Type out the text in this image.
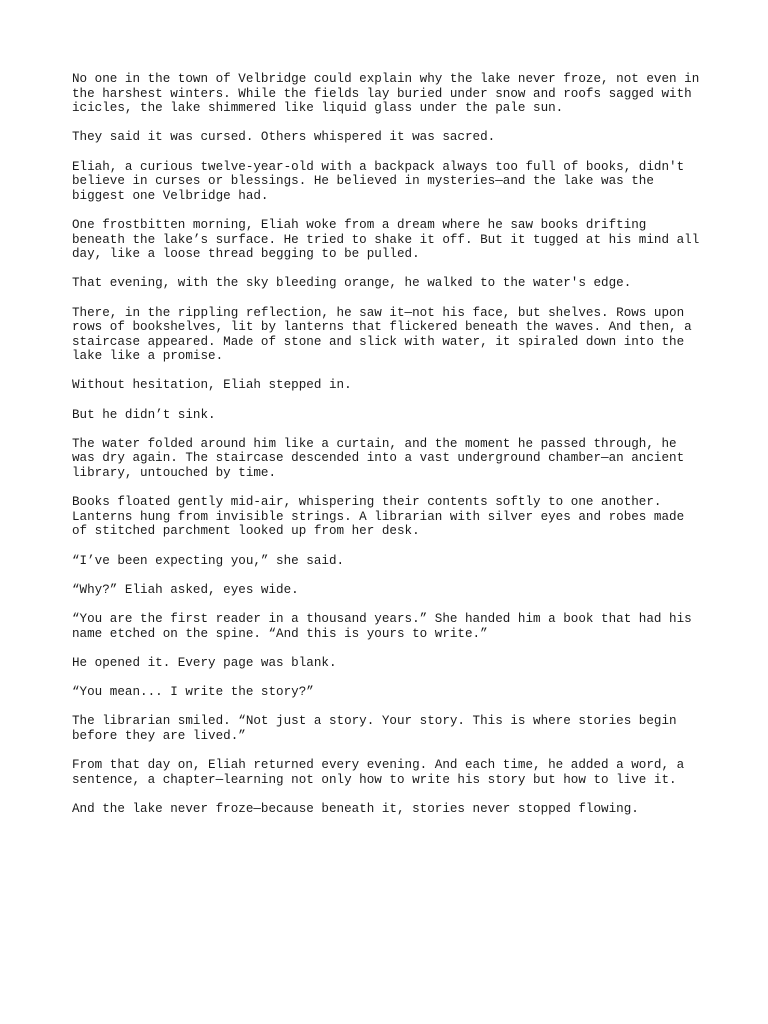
No one in the town of Velbridge could explain why the lake never froze, not even in
the harshest winters. While the fields lay buried under snow and roofs sagged with
icicles, the lake shimmered like liquid glass under the pale sun.

They said it was cursed. Others whispered it was sacred.

Eliah, a curious twelve-year-old with a backpack always too full of books, didn't
believe in curses or blessings. He believed in mysteries—and the lake was the
biggest one Velbridge had.

One frostbitten morning, Eliah woke from a dream where he saw books drifting
beneath the lake’s surface. He tried to shake it off. But it tugged at his mind all
day, like a loose thread begging to be pulled.

That evening, with the sky bleeding orange, he walked to the water's edge.

There, in the rippling reflection, he saw it—not his face, but shelves. Rows upon
rows of bookshelves, lit by lanterns that flickered beneath the waves. And then, a
staircase appeared. Made of stone and slick with water, it spiraled down into the
lake like a promise.

Without hesitation, Eliah stepped in.

But he didn’t sink.

The water folded around him like a curtain, and the moment he passed through, he
was dry again. The staircase descended into a vast underground chamber—an ancient
library, untouched by time.

Books floated gently mid-air, whispering their contents softly to one another.
Lanterns hung from invisible strings. A librarian with silver eyes and robes made
of stitched parchment looked up from her desk.

“I’ve been expecting you,” she said.

“Why?” Eliah asked, eyes wide.

“You are the first reader in a thousand years.” She handed him a book that had his
name etched on the spine. “And this is yours to write.”

He opened it. Every page was blank.

“You mean... I write the story?”

The librarian smiled. “Not just a story. Your story. This is where stories begin
before they are lived.”

From that day on, Eliah returned every evening. And each time, he added a word, a
sentence, a chapter—learning not only how to write his story but how to live it.

And the lake never froze—because beneath it, stories never stopped flowing.
